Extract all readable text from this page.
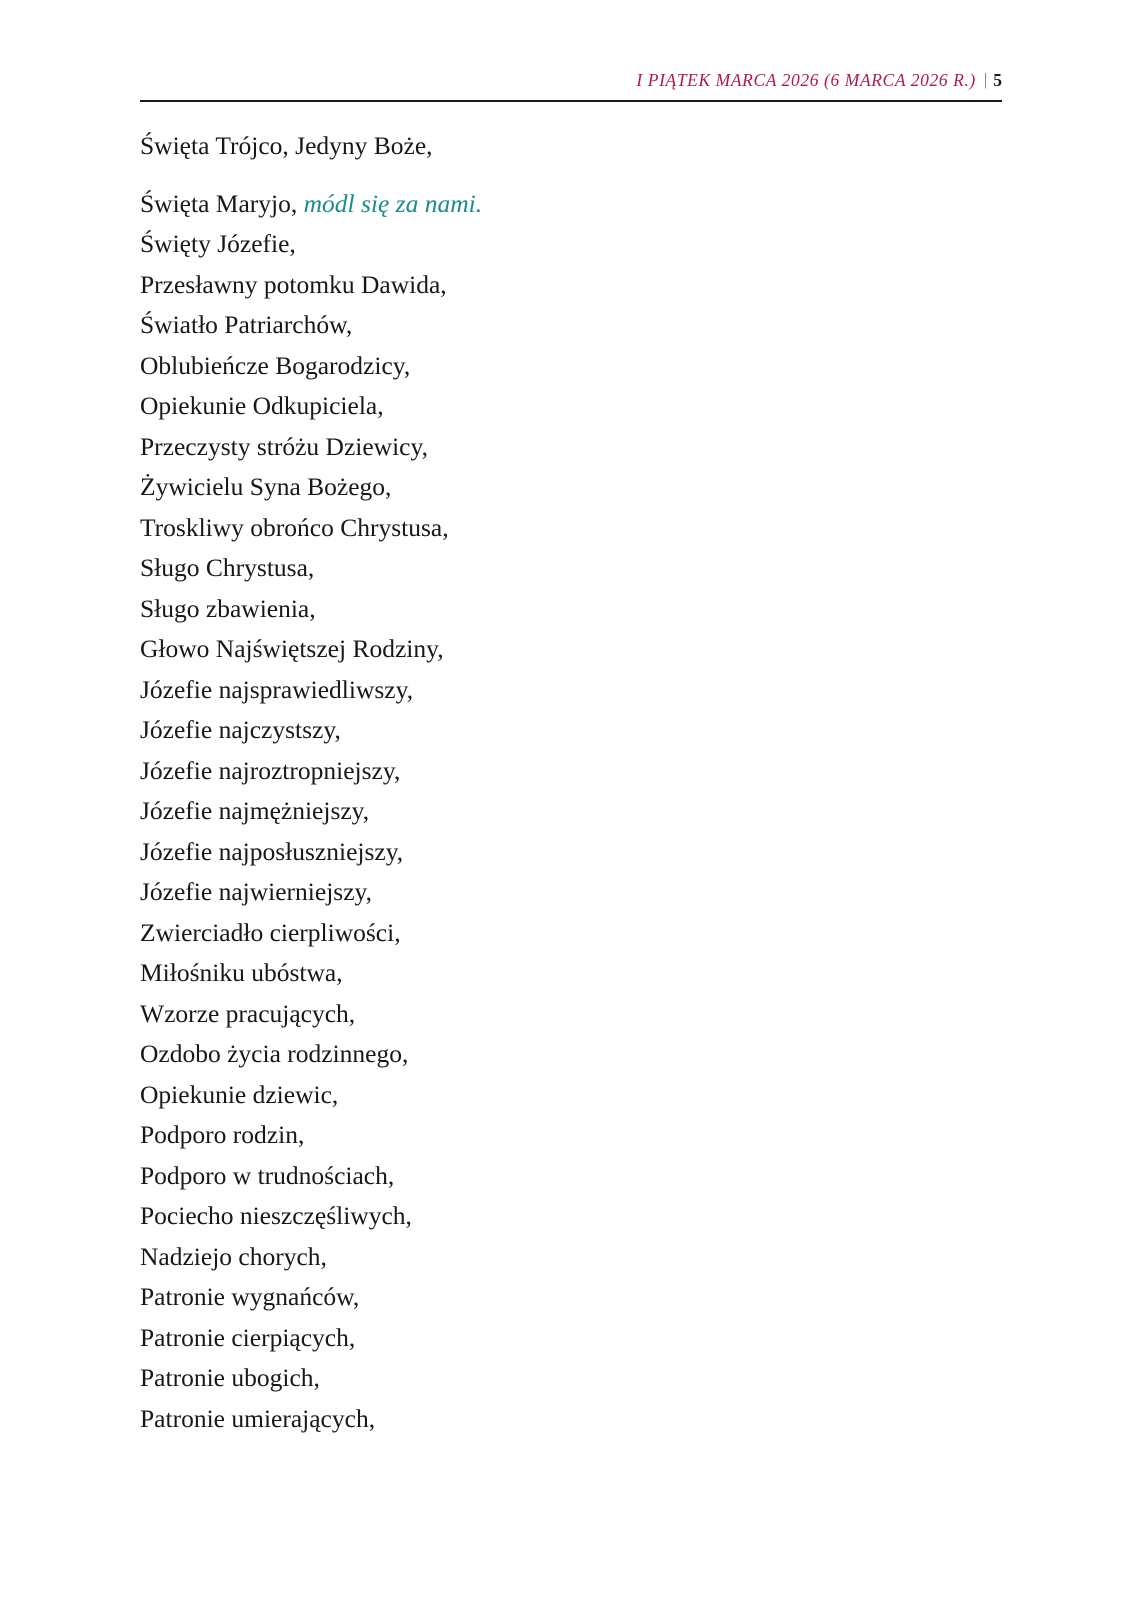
I PIĄTEK MARCA 2026 (6 MARCA 2026 R.) | 5
Święta Trójco, Jedyny Boże,
Święta Maryjo, módl się za nami.
Święty Józefie,
Przesławny potomku Dawida,
Światło Patriarchów,
Oblubieńcze Bogarodzicy,
Opiekunie Odkupiciela,
Przeczysty stróżu Dziewicy,
Żywicielu Syna Bożego,
Troskliwy obrońco Chrystusa,
Sługo Chrystusa,
Sługo zbawienia,
Głowo Najświętszej Rodziny,
Józefie najsprawiedliwszy,
Józefie najczystszy,
Józefie najroztropniejszy,
Józefie najmężniejszy,
Józefie najposłuszniejszy,
Józefie najwierniejszy,
Zwierciadło cierpliwości,
Miłośniku ubóstwa,
Wzorze pracujących,
Ozdobo życia rodzinnego,
Opiekunie dziewic,
Podporo rodzin,
Podporo w trudnościach,
Pociecho nieszczęśliwych,
Nadziejo chorych,
Patronie wygnańców,
Patronie cierpiących,
Patronie ubogich,
Patronie umierających,
